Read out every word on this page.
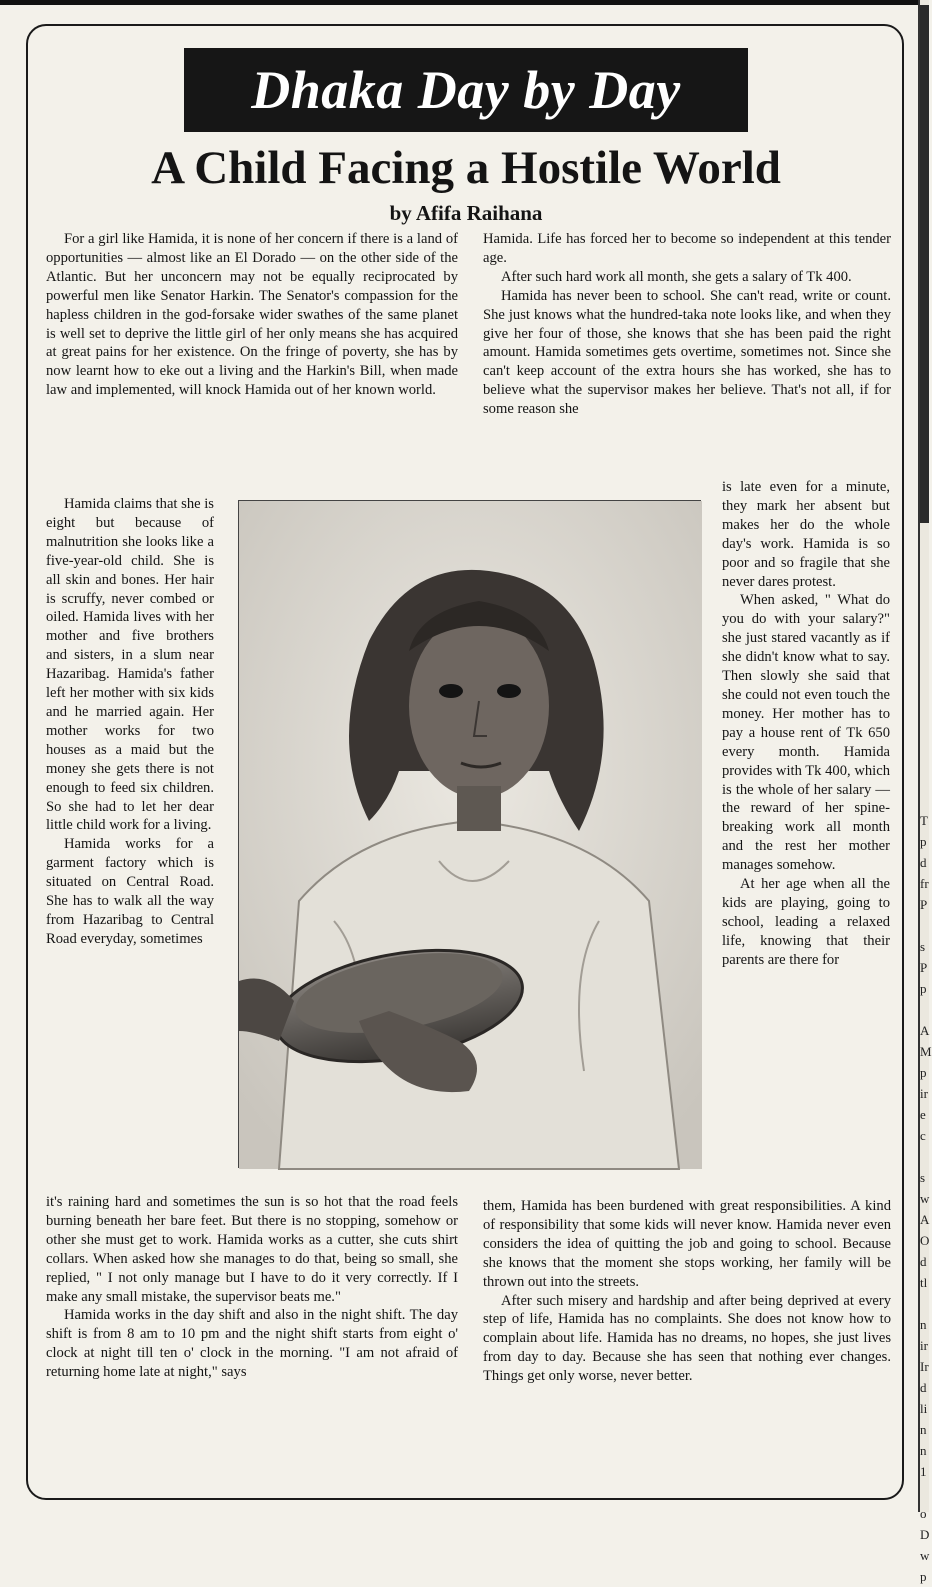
T
p
d
fr
P

s
P
p

A
M
p
ir
e
c

s
w
A
O
d
tl

n
ir
Ir
d
li
n
n
1

o
D
w
p
Dhaka Day by Day
A Child Facing a Hostile World
by Afifa Raihana

For a girl like Hamida, it is none of her concern if there is a land of opportunities — almost like an El Dorado — on the other side of the Atlantic. But her unconcern may not be equally reciprocated by powerful men like Senator Harkin. The Senator's compassion for the hapless children in the god-forsake wider swathes of the same planet is well set to deprive the little girl of her only means she has acquired at great pains for her existence. On the fringe of poverty, she has by now learnt how to eke out a living and the Harkin's Bill, when made law and implemented, will knock Hamida out of her known world.

Hamida claims that she is eight but because of malnutrition she looks like a five-year-old child. She is all skin and bones. Her hair is scruffy, never combed or oiled. Hamida lives with her mother and five brothers and sisters, in a slum near Hazaribag. Hamida's father left her mother with six kids and he married again. Her mother works for two houses as a maid but the money she gets there is not enough to feed six children. So she had to let her dear little child work for a living.

Hamida works for a garment factory which is situated on Central Road. She has to walk all the way from Hazaribag to Central Road everyday, sometimes

Hamida. Life has forced her to become so independent at this tender age.

After such hard work all month, she gets a salary of Tk 400.

Hamida has never been to school. She can't read, write or count. She just knows what the hundred-taka note looks like, and when they give her four of those, she knows that she has been paid the right amount. Hamida sometimes gets overtime, sometimes not. Since she can't keep account of the extra hours she has worked, she has to believe what the supervisor makes her believe. That's not all, if for some reason she

is late even for a minute, they mark her absent but makes her do the whole day's work. Hamida is so poor and so fragile that she never dares protest.

When asked, " What do you do with your salary?" she just stared vacantly as if she didn't know what to say. Then slowly she said that she could not even touch the money. Her mother has to pay a house rent of Tk 650 every month. Hamida provides with Tk 400, which is the whole of her salary — the reward of her spine-breaking work all month and the rest her mother manages somehow.

At her age when all the kids are playing, going to school, leading a relaxed life, knowing that their parents are there for

it's raining hard and sometimes the sun is so hot that the road feels burning beneath her bare feet. But there is no stopping, somehow or other she must get to work. Hamida works as a cutter, she cuts shirt collars. When asked how she manages to do that, being so small, she replied, " I not only manage but I have to do it very correctly. If I make any small mistake, the supervisor beats me."

Hamida works in the day shift and also in the night shift. The day shift is from 8 am to 10 pm and the night shift starts from eight o' clock at night till ten o' clock in the morning. "I am not afraid of returning home late at night," says

them, Hamida has been burdened with great responsibilities. A kind of responsibility that some kids will never know. Hamida never even considers the idea of quitting the job and going to school. Because she knows that the moment she stops working, her family will be thrown out into the streets.

After such misery and hardship and after being deprived at every step of life, Hamida has no complaints. She does not know how to complain about life. Hamida has no dreams, no hopes, she just lives from day to day. Because she has seen that nothing ever changes. Things get only worse, never better.
